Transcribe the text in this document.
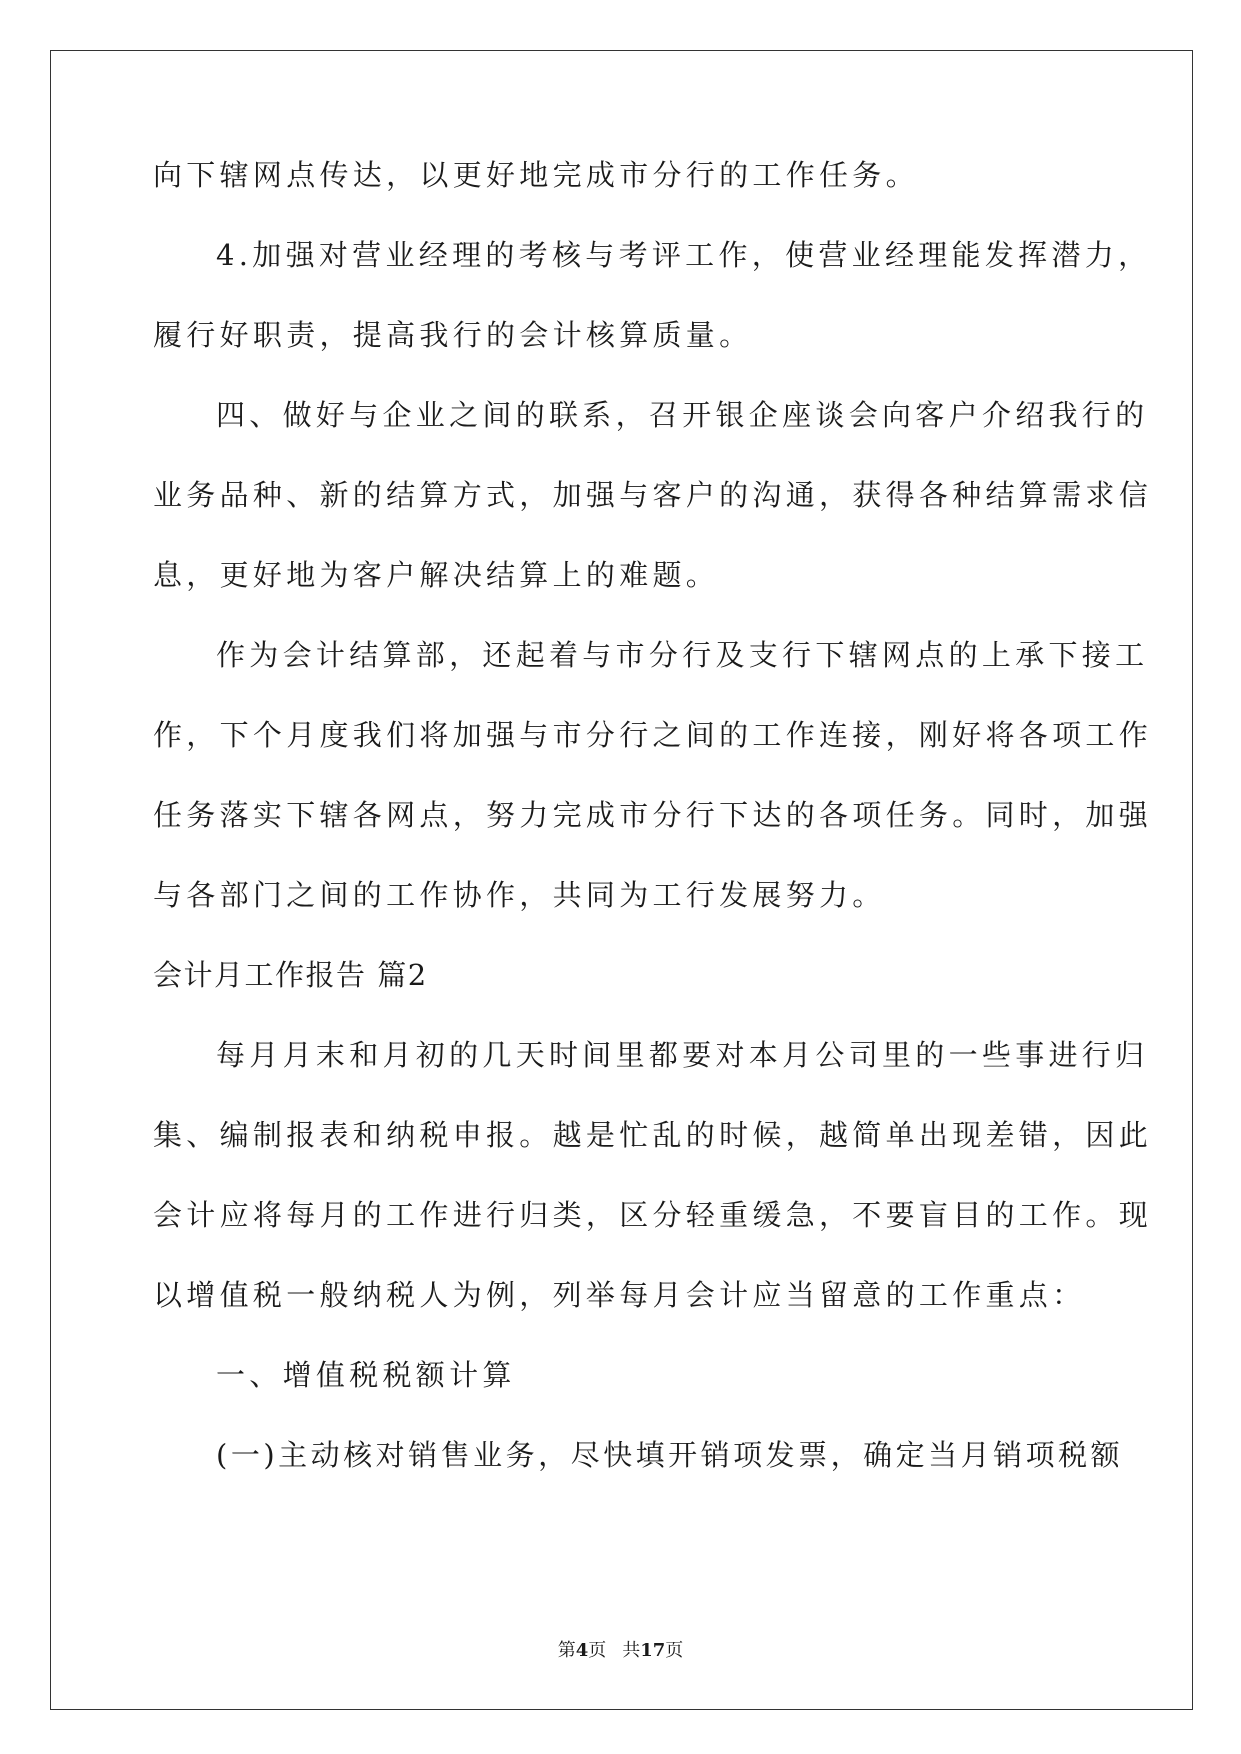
向下辖网点传达，以更好地完成市分行的工作任务。
4.加强对营业经理的考核与考评工作，使营业经理能发挥潜力，
履行好职责，提高我行的会计核算质量。
四、做好与企业之间的联系，召开银企座谈会向客户介绍我行的
业务品种、新的结算方式，加强与客户的沟通，获得各种结算需求信
息，更好地为客户解决结算上的难题。
作为会计结算部，还起着与市分行及支行下辖网点的上承下接工
作，下个月度我们将加强与市分行之间的工作连接，刚好将各项工作
任务落实下辖各网点，努力完成市分行下达的各项任务。同时，加强
与各部门之间的工作协作，共同为工行发展努力。
会计月工作报告 篇2
每月月末和月初的几天时间里都要对本月公司里的一些事进行归
集、编制报表和纳税申报。越是忙乱的时候，越简单出现差错，因此
会计应将每月的工作进行归类，区分轻重缓急，不要盲目的工作。现
以增值税一般纳税人为例，列举每月会计应当留意的工作重点：
一、增值税税额计算
(一)主动核对销售业务，尽快填开销项发票，确定当月销项税额
第4页 共17页
